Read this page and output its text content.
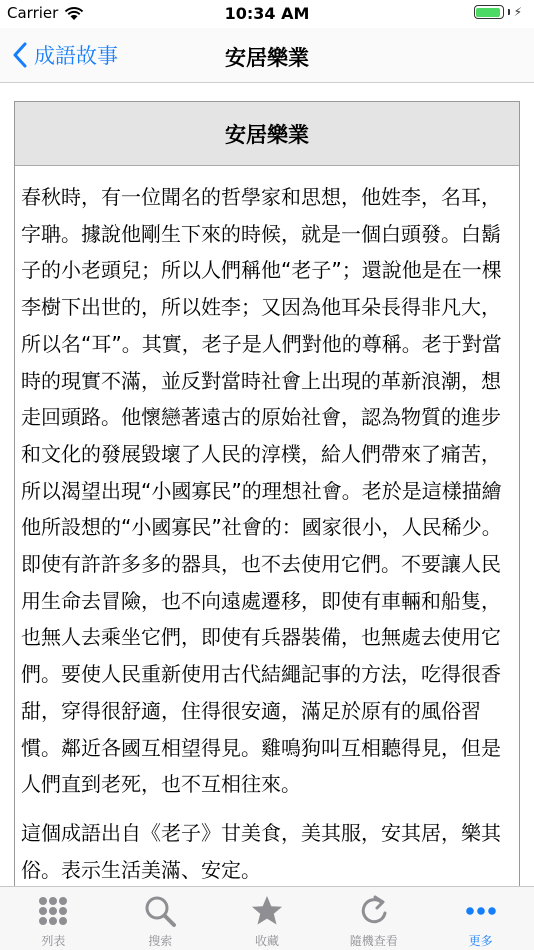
Carrier	10:34 AM	⚡
成語故事	安居樂業
安居樂業

春秋時，有一位聞名的哲學家和思想，他姓李，名耳，字聃。據說他剛生下來的時候，就是一個白頭發。白鬍子的小老頭兒；所以人們稱他“老子”；還說他是在一棵李樹下出世的，所以姓李；又因為他耳朵長得非凡大，所以名“耳”。其實，老子是人們對他的尊稱。老于對當時的現實不滿，並反對當時社會上出現的革新浪潮，想走回頭路。他懷戀著遠古的原始社會，認為物質的進步和文化的發展毀壞了人民的淳樸，給人們帶來了痛苦，所以渴望出現“小國寡民”的理想社會。老於是這樣描繪他所設想的“小國寡民”社會的：國家很小，人民稀少。即使有許許多多的器具，也不去使用它們。不要讓人民用生命去冒險，也不向遠處遷移，即使有車輛和船隻，也無人去乘坐它們，即使有兵器裝備，也無處去使用它們。要使人民重新使用古代結繩記事的方法，吃得很香甜，穿得很舒適，住得很安適，滿足於原有的風俗習慣。鄰近各國互相望得見。雞鳴狗叫互相聽得見，但是人們直到老死，也不互相往來。

這個成語出自《老子》甘美食，美其服，安其居，樂其俗。表示生活美滿、安定。

列表	搜索	收藏	隨機查看	更多
